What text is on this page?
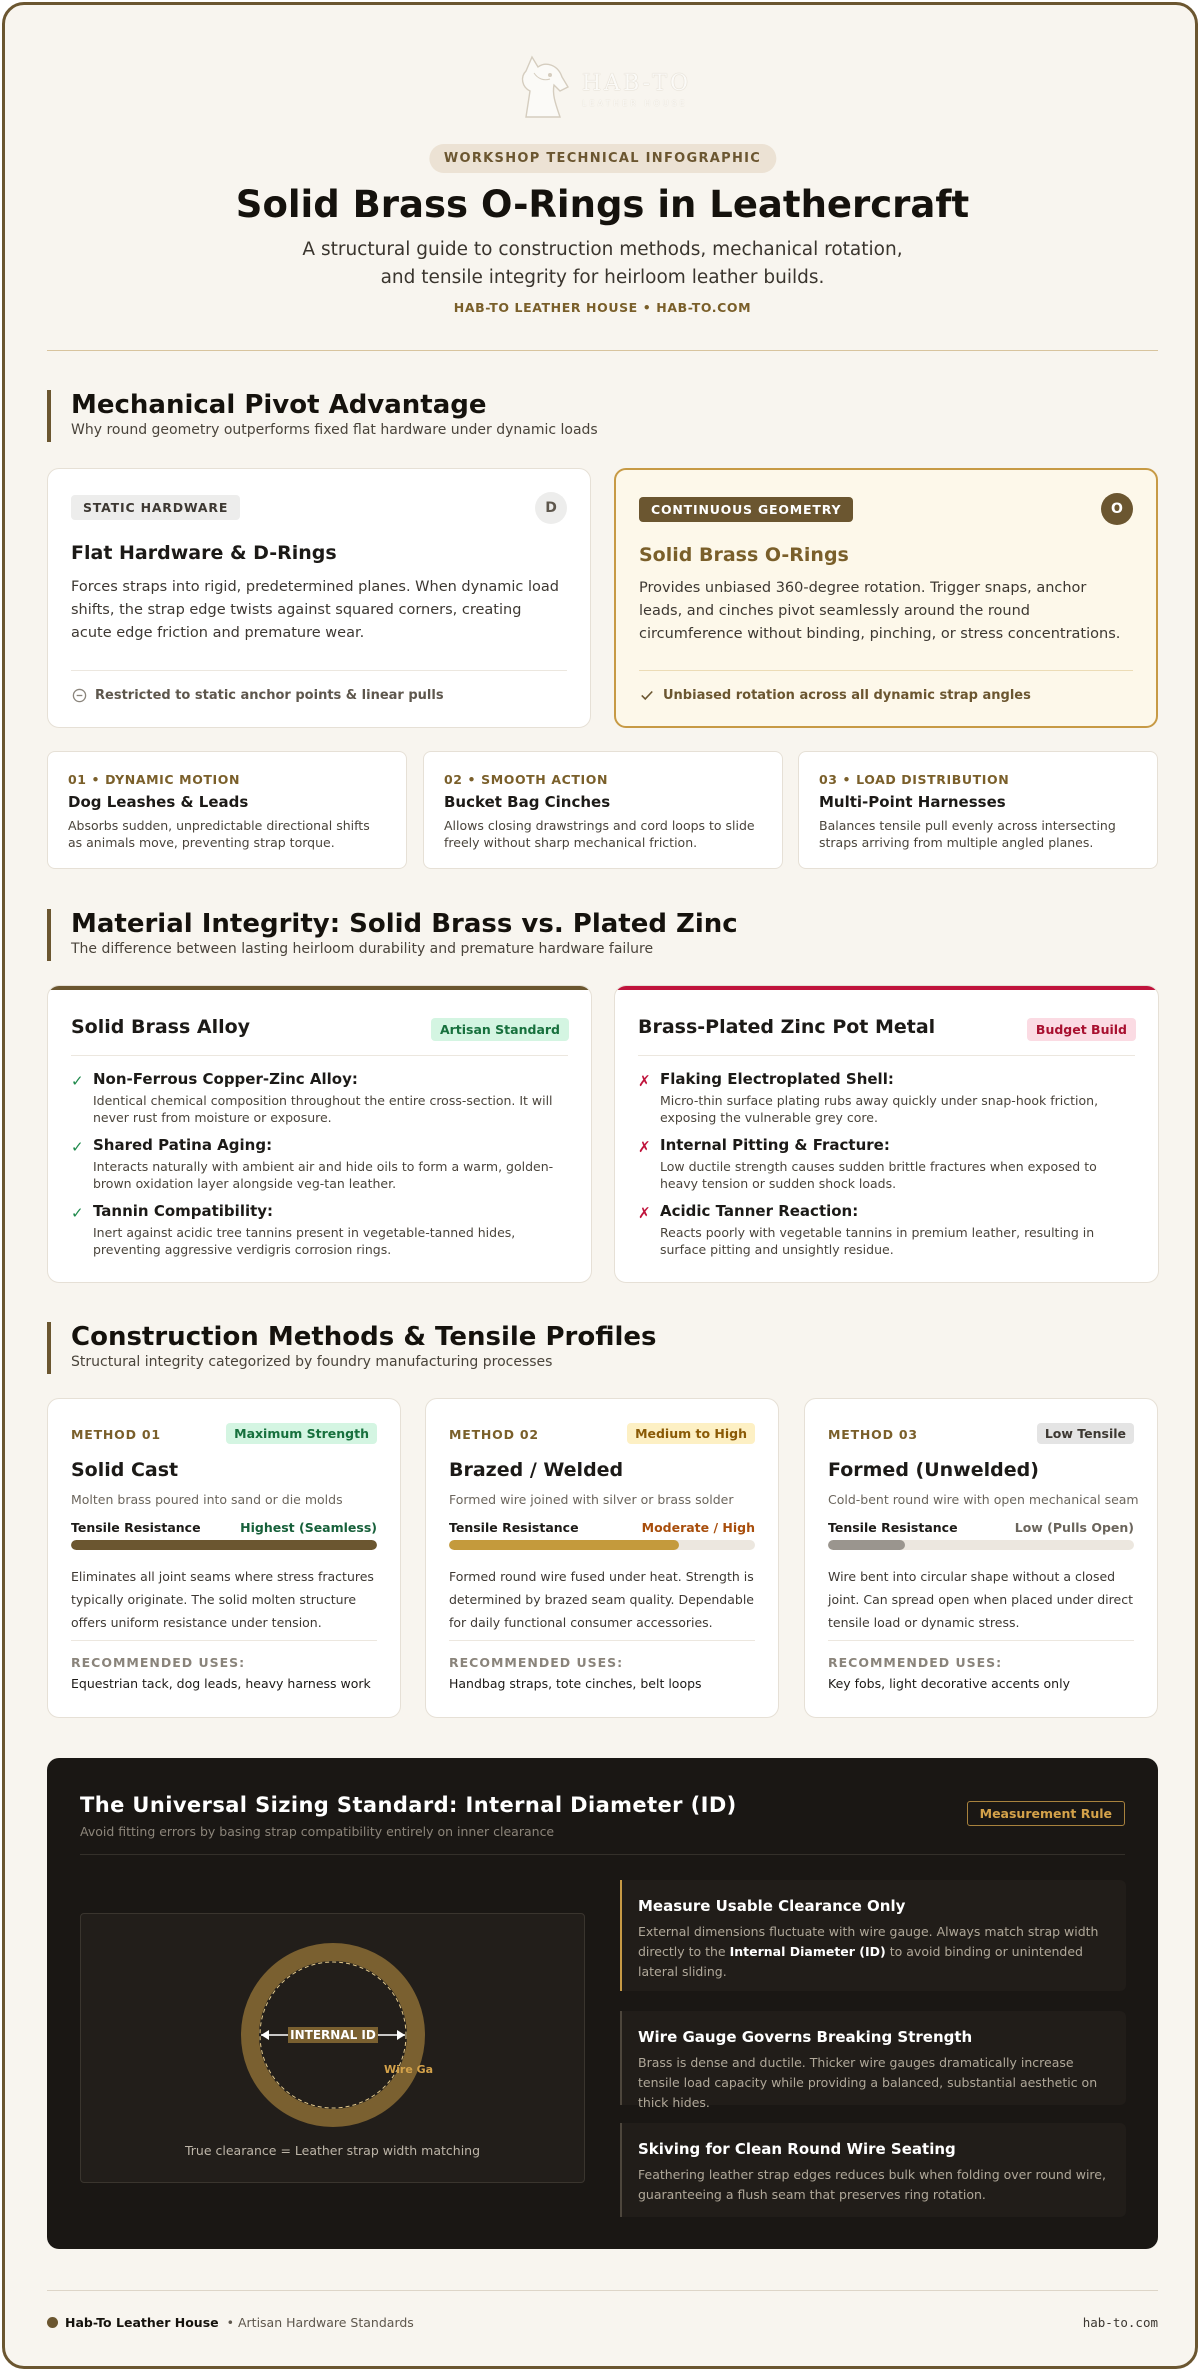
HAB-TO
LEATHER HOUSE
WORKSHOP TECHNICAL INFOGRAPHIC
Solid Brass O-Rings in Leathercraft

A structural guide to construction methods, mechanical rotation, and tensile integrity for heirloom leather builds.

HAB-TO LEATHER HOUSE • HAB-TO.COM
Mechanical Pivot Advantage
Why round geometry outperforms fixed flat hardware under dynamic loads
STATIC HARDWARE	D
Flat Hardware & D-Rings
Forces straps into rigid, predetermined planes. When dynamic load shifts, the strap edge twists against squared corners, creating acute edge friction and premature wear.
Restricted to static anchor points & linear pulls
CONTINUOUS GEOMETRY	O
Solid Brass O-Rings
Provides unbiased 360-degree rotation. Trigger snaps, anchor leads, and cinches pivot seamlessly around the round circumference without binding, pinching, or stress concentrations.
Unbiased rotation across all dynamic strap angles
01 • DYNAMIC MOTION
Dog Leashes & Leads
Absorbs sudden, unpredictable directional shifts as animals move, preventing strap torque.
02 • SMOOTH ACTION
Bucket Bag Cinches
Allows closing drawstrings and cord loops to slide freely without sharp mechanical friction.
03 • LOAD DISTRIBUTION
Multi-Point Harnesses
Balances tensile pull evenly across intersecting straps arriving from multiple angled planes.
Material Integrity: Solid Brass vs. Plated Zinc
The difference between lasting heirloom durability and premature hardware failure
Solid Brass Alloy	Artisan Standard
✓ Non-Ferrous Copper-Zinc Alloy:
Identical chemical composition throughout the entire cross-section. It will never rust from moisture or exposure.
✓ Shared Patina Aging:
Interacts naturally with ambient air and hide oils to form a warm, golden-brown oxidation layer alongside veg-tan leather.
✓ Tannin Compatibility:
Inert against acidic tree tannins present in vegetable-tanned hides, preventing aggressive verdigris corrosion rings.
Brass-Plated Zinc Pot Metal	Budget Build
✗ Flaking Electroplated Shell:
Micro-thin surface plating rubs away quickly under snap-hook friction, exposing the vulnerable grey core.
✗ Internal Pitting & Fracture:
Low ductile strength causes sudden brittle fractures when exposed to heavy tension or sudden shock loads.
✗ Acidic Tanner Reaction:
Reacts poorly with vegetable tannins in premium leather, resulting in surface pitting and unsightly residue.
Construction Methods & Tensile Profiles
Structural integrity categorized by foundry manufacturing processes
METHOD 01	Maximum Strength
Solid Cast
Molten brass poured into sand or die molds
Tensile Resistance	Highest (Seamless)
Eliminates all joint seams where stress fractures typically originate. The solid molten structure offers uniform resistance under tension.
RECOMMENDED USES:
Equestrian tack, dog leads, heavy harness work
METHOD 02	Medium to High
Brazed / Welded
Formed wire joined with silver or brass solder
Tensile Resistance	Moderate / High
Formed round wire fused under heat. Strength is determined by brazed seam quality. Dependable for daily functional consumer accessories.
RECOMMENDED USES:
Handbag straps, tote cinches, belt loops
METHOD 03	Low Tensile
Formed (Unwelded)
Cold-bent round wire with open mechanical seam
Tensile Resistance	Low (Pulls Open)
Wire bent into circular shape without a closed joint. Can spread open when placed under direct tensile load or dynamic stress.
RECOMMENDED USES:
Key fobs, light decorative accents only
The Universal Sizing Standard: Internal Diameter (ID)
Avoid fitting errors by basing strap compatibility entirely on inner clearance
Measurement Rule
INTERNAL ID
Wire Ga
True clearance = Leather strap width matching
Measure Usable Clearance Only
External dimensions fluctuate with wire gauge. Always match strap width directly to the Internal Diameter (ID) to avoid binding or unintended lateral sliding.
Wire Gauge Governs Breaking Strength
Brass is dense and ductile. Thicker wire gauges dramatically increase tensile load capacity while providing a balanced, substantial aesthetic on thick hides.
Skiving for Clean Round Wire Seating
Feathering leather strap edges reduces bulk when folding over round wire, guaranteeing a flush seam that preserves ring rotation.
Hab-To Leather House • Artisan Hardware Standards	hab-to.com
